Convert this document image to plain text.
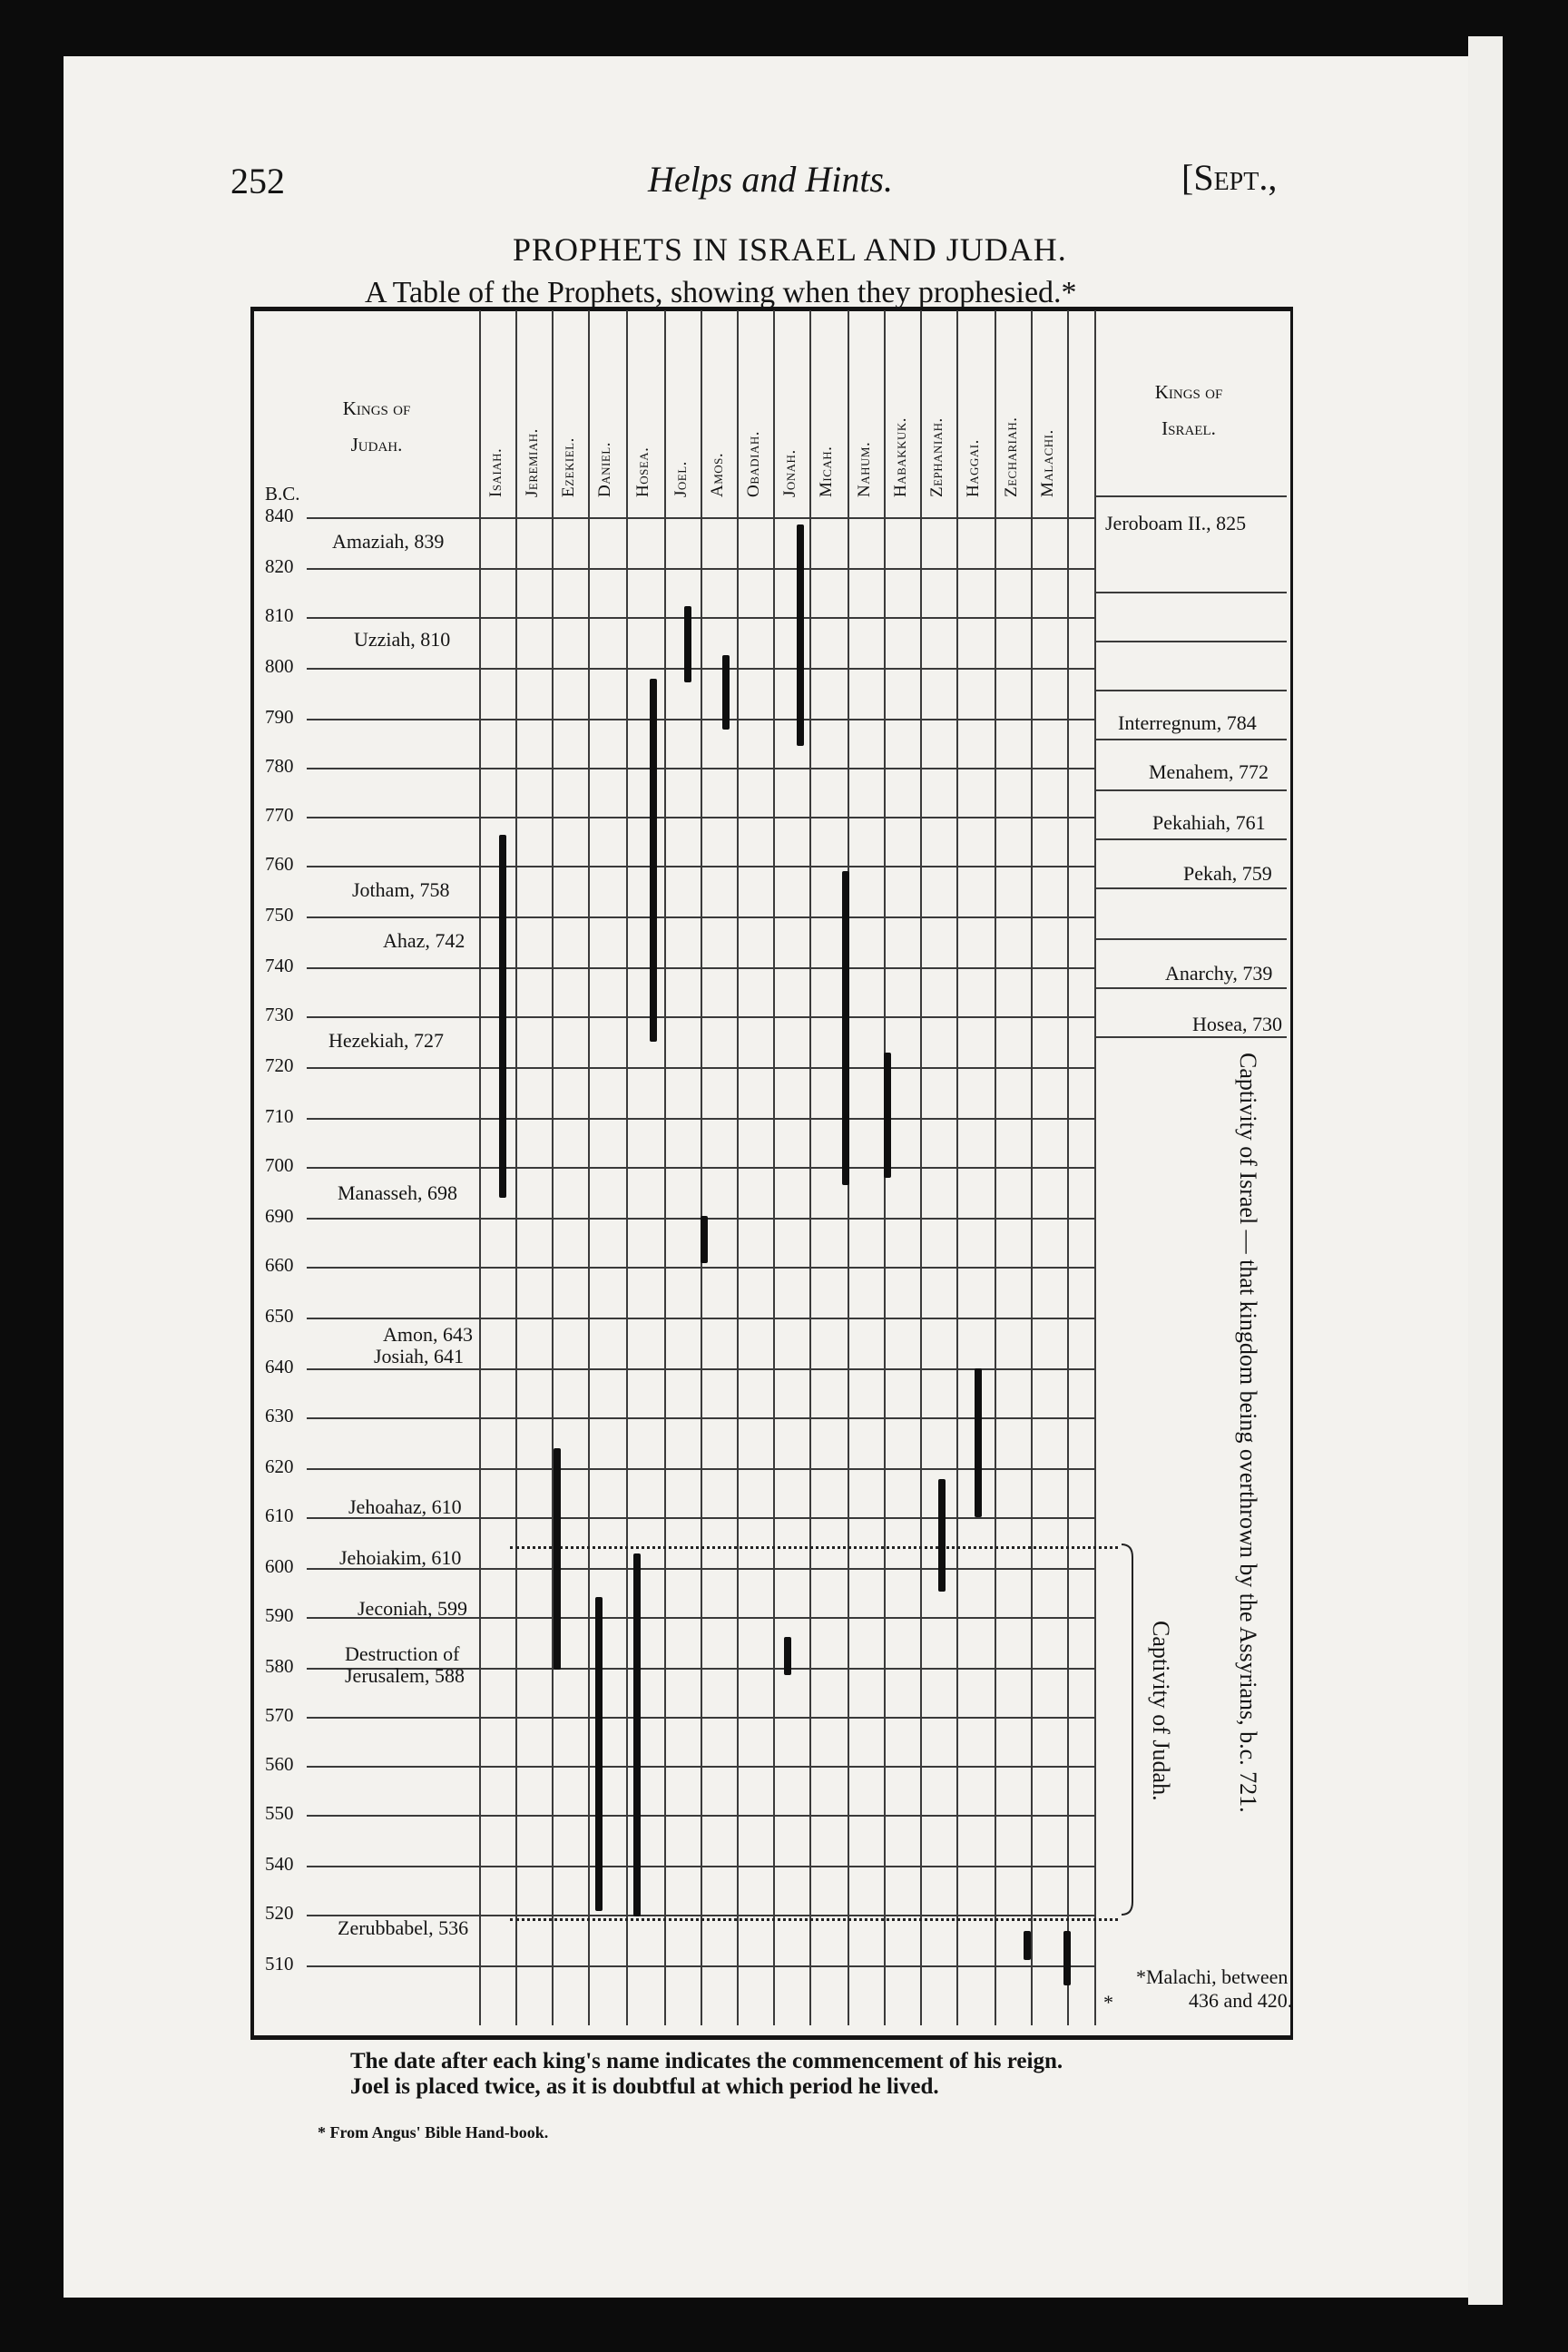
252	Helps and Hints.	[Sept.,
PROPHETS IN ISRAEL AND JUDAH.
A Table of the Prophets, showing when they prophesied.*
Kings of
Judah.
Kings of
Israel.
B.C.
840
820
810
800
790
780
770
760
750
740
730
720
710
700
690
660
650
640
630
620
610
600
590
580
570
560
550
540
520
510
Isaiah. Jeremiah. Ezekiel. Daniel. Hosea. Joel. Amos. Obadiah. Jonah. Micah. Nahum. Habakkuk. Zephaniah. Haggai. Zechariah. Malachi.
Amaziah, 839
Uzziah, 810
Jotham, 758
Ahaz, 742
Hezekiah, 727
Manasseh, 698
Amon, 643
Josiah, 641
Jehoahaz, 610
Jehoiakim, 610
Jeconiah, 599
Destruction of
Jerusalem, 588
Zerubbabel, 536
Jeroboam II., 825
Interregnum, 784
Menahem, 772
Pekahiah, 761
Pekah, 759
Anarchy, 739
Hosea, 730
Captivity of Israel — that kingdom being overthrown by the Assyrians, b.c. 721.
Captivity of Judah.
*Malachi, between
436 and 420.
*
The date after each king's name indicates the commencement of his reign.
Joel is placed twice, as it is doubtful at which period he lived.
* From Angus' Bible Hand-book.
